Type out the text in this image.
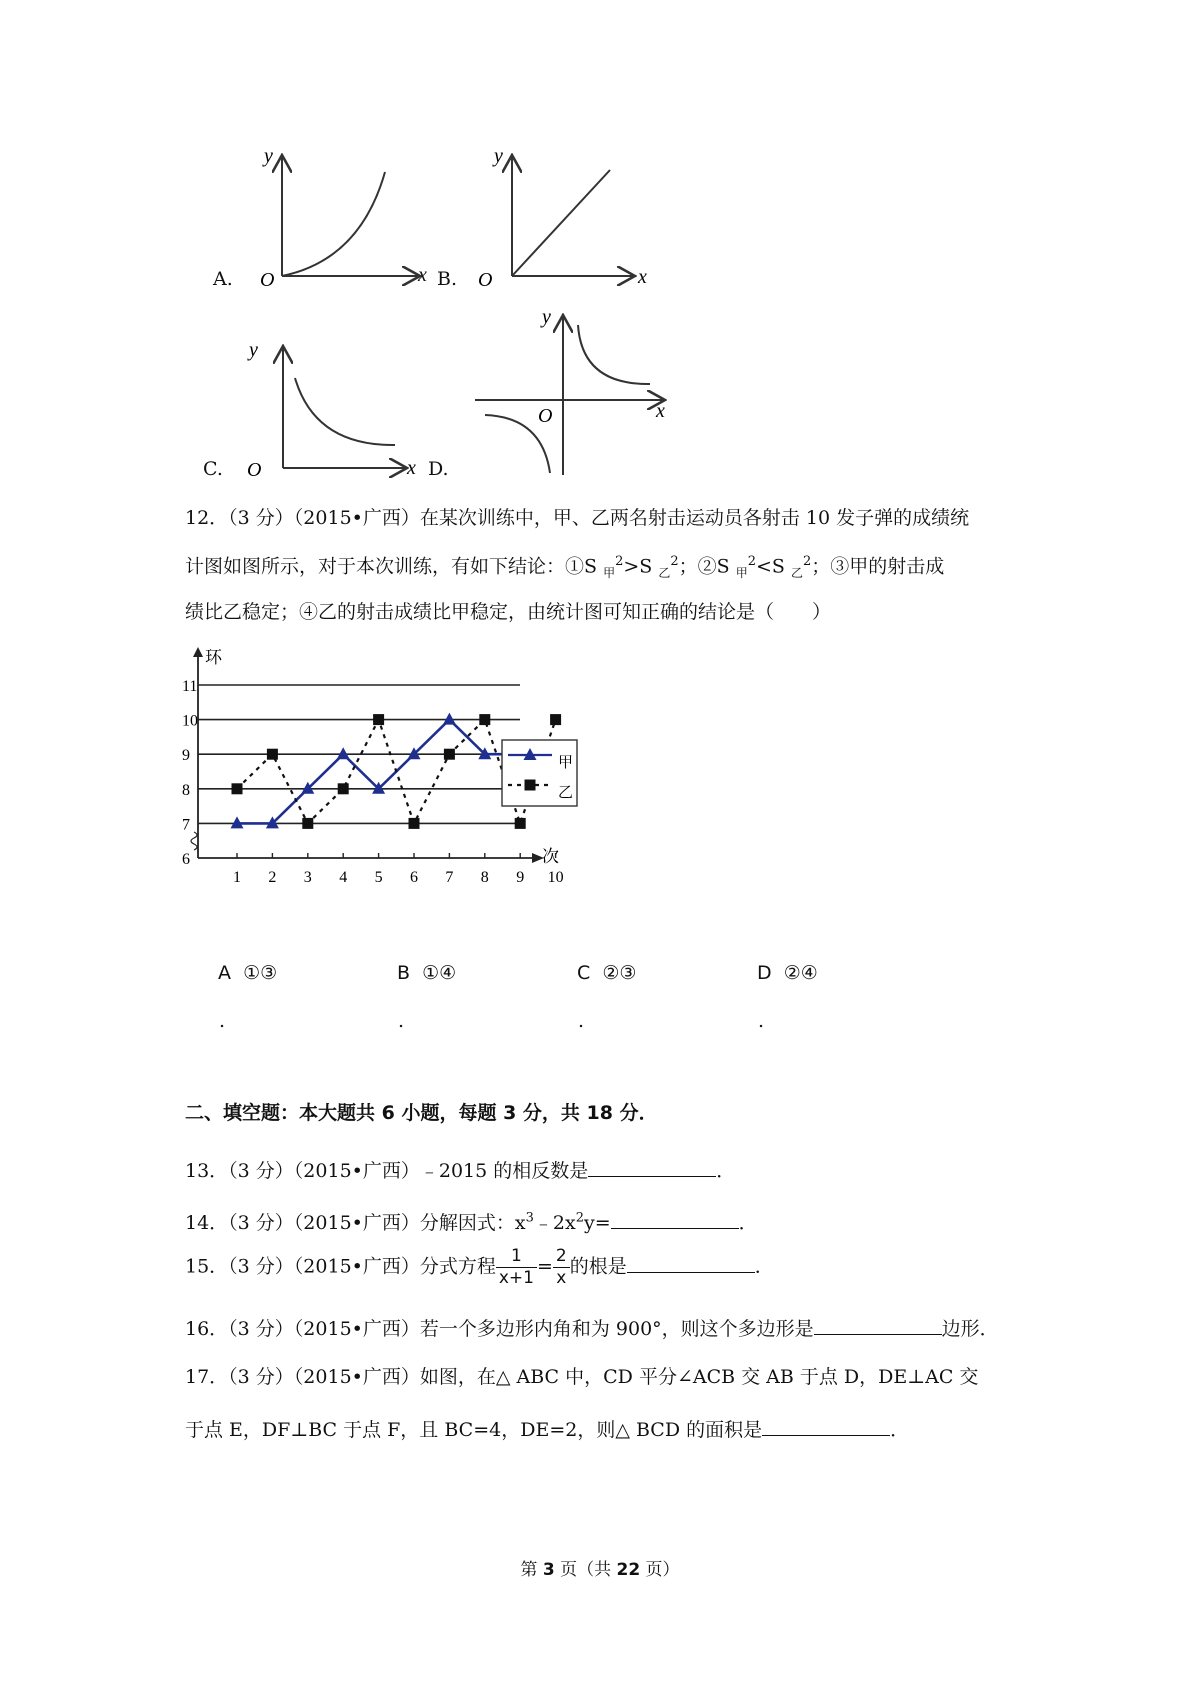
A.
y
O	x B.
y
O	x
C.
y
O	x D.
y
O	x
12．（3 分）（2015•广西）在某次训练中，甲、乙两名射击运动员各射击 10 发子弹的成绩统
计图如图所示，对于本次训练，有如下结论：①S $_甲^2$>S $_乙^2$；②S $_甲^2$<S $_乙^2$；③甲的射击成
绩比乙稳定；④乙的射击成绩比甲稳定，由统计图可知正确的结论是（　　）
6
7
8
9
10
11
环
次
1 2 3 4 5 6 7 8 9 10
甲
乙
A ①③	B ①④	C ②③	D ②④
.	.	.	.
二、填空题：本大题共 6 小题，每题 3 分，共 18 分．
13．（3 分）（2015•广西）﹣2015 的相反数是	．
14．（3 分）（2015•广西）分解因式：$x^3﹣2x^2y=$	．
15．（3 分）（2015•广西）分式方程 $\frac{1}{x+1} = \frac{2}{x}$ 的根是	．
16．（3 分）（2015•广西）若一个多边形内角和为 900°，则这个多边形是	边形．
17．（3 分）（2015•广西）如图，在△ ABC 中，CD 平分∠ACB 交 AB 于点 D，DE⊥AC 交
于点 E，DF⊥BC 于点 F，且 BC=4，DE=2，则△ BCD 的面积是	．
第 3 页（共 22 页）
